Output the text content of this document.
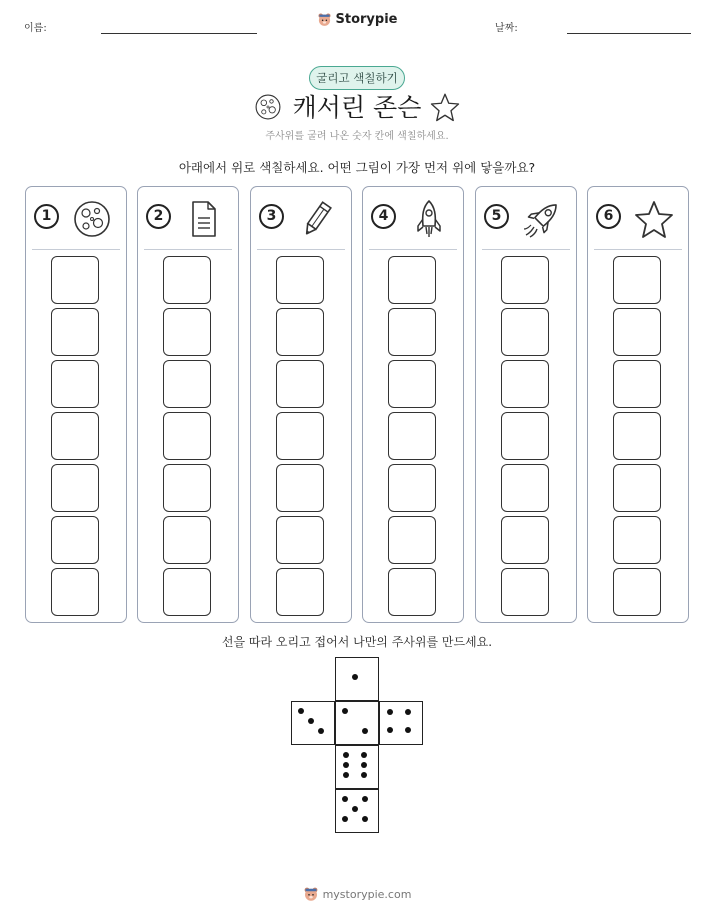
이름:
Storypie
날짜:
굴리고 색칠하기
캐서린 존슨
주사위를 굴려 나온 숫자 칸에 색칠하세요.
아래에서 위로 색칠하세요. 어떤 그림이 가장 먼저 위에 닿을까요?
1	2	3	4	5	6
선을 따라 오리고 접어서 나만의 주사위를 만드세요.
mystorypie.com
